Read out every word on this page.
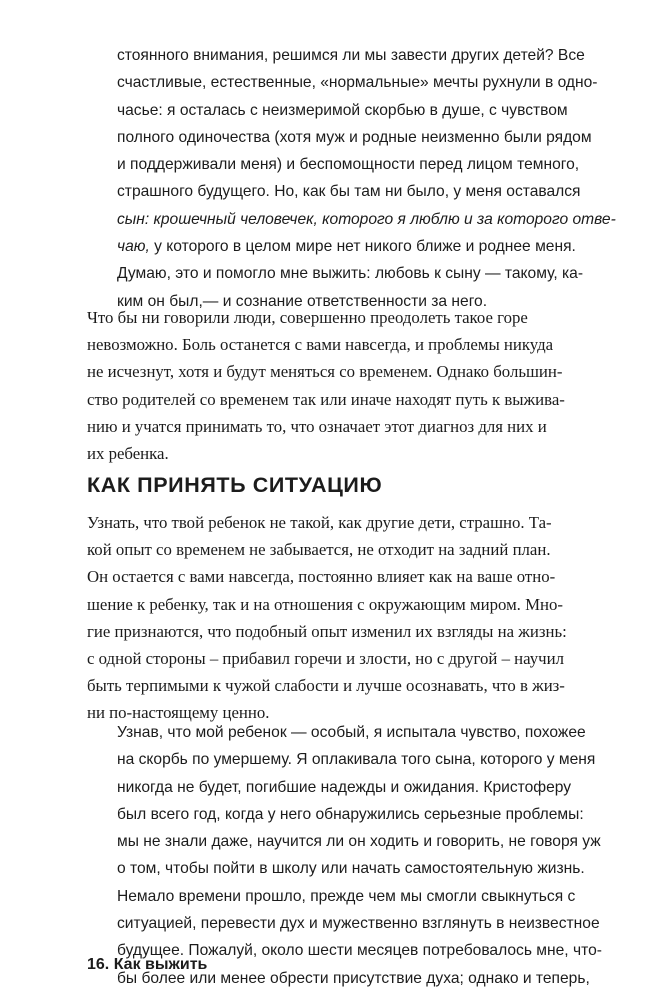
стоянного внимания, решимся ли мы завести других детей? Все
счастливые, естественные, «нормальные» мечты рухнули в одно-
часье: я осталась с неизмеримой скорбью в душе, с чувством
полного одиночества (хотя муж и родные неизменно были рядом
и поддерживали меня) и беспомощности перед лицом темного,
страшного будущего. Но, как бы там ни было, у меня оставался
сын: крошечный человечек, которого я люблю и за которого отве-
чаю, у которого в целом мире нет никого ближе и роднее меня.
Думаю, это и помогло мне выжить: любовь к сыну — такому, ка-
ким он был,— и сознание ответственности за него.

Что бы ни говорили люди, совершенно преодолеть такое горе
невозможно. Боль останется с вами навсегда, и проблемы никуда
не исчезнут, хотя и будут меняться со временем. Однако большин-
ство родителей со временем так или иначе находят путь к выжива-
нию и учатся принимать то, что означает этот диагноз для них и
их ребенка.

КАК ПРИНЯТЬ СИТУАЦИЮ

Узнать, что твой ребенок не такой, как другие дети, страшно. Та-
кой опыт со временем не забывается, не отходит на задний план.
Он остается с вами навсегда, постоянно влияет как на ваше отно-
шение к ребенку, так и на отношения с окружающим миром. Мно-
гие признаются, что подобный опыт изменил их взгляды на жизнь:
с одной стороны – прибавил горечи и злости, но с другой – научил
быть терпимыми к чужой слабости и лучше осознавать, что в жиз-
ни по-настоящему ценно.

Узнав, что мой ребенок — особый, я испытала чувство, похожее
на скорбь по умершему. Я оплакивала того сына, которого у меня
никогда не будет, погибшие надежды и ожидания. Кристоферу
был всего год, когда у него обнаружились серьезные проблемы:
мы не знали даже, научится ли он ходить и говорить, не говоря уж
о том, чтобы пойти в школу или начать самостоятельную жизнь.
Немало времени прошло, прежде чем мы смогли свыкнуться с
ситуацией, перевести дух и мужественно взглянуть в неизвестное
будущее. Пожалуй, около шести месяцев потребовалось мне, что-
бы более или менее обрести присутствие духа; однако и теперь,

16. Как выжить
